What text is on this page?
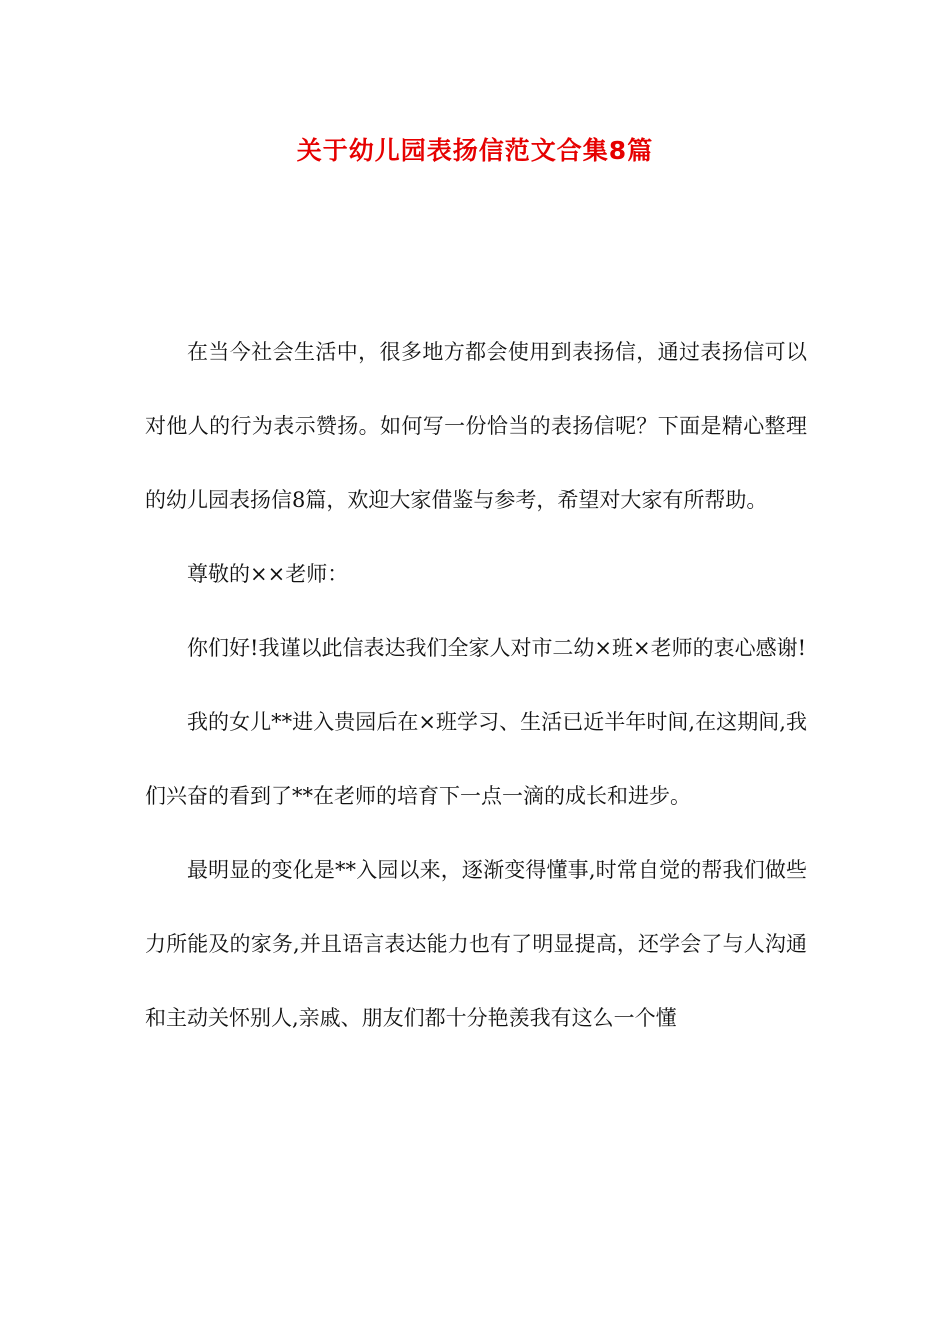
关于幼儿园表扬信范文合集8篇

在当今社会生活中，很多地方都会使用到表扬信，通过表扬信可以对他人的行为表示赞扬。如何写一份恰当的表扬信呢？下面是精心整理的幼儿园表扬信8篇，欢迎大家借鉴与参考，希望对大家有所帮助。

尊敬的××老师：

你们好!我谨以此信表达我们全家人对市二幼×班×老师的衷心感谢!

我的女儿**进入贵园后在×班学习、生活已近半年时间,在这期间,我们兴奋的看到了**在老师的培育下一点一滴的成长和进步。

最明显的变化是**入园以来，逐渐变得懂事,时常自觉的帮我们做些力所能及的家务,并且语言表达能力也有了明显提高，还学会了与人沟通和主动关怀别人,亲戚、朋友们都十分艳羡我有这么一个懂
